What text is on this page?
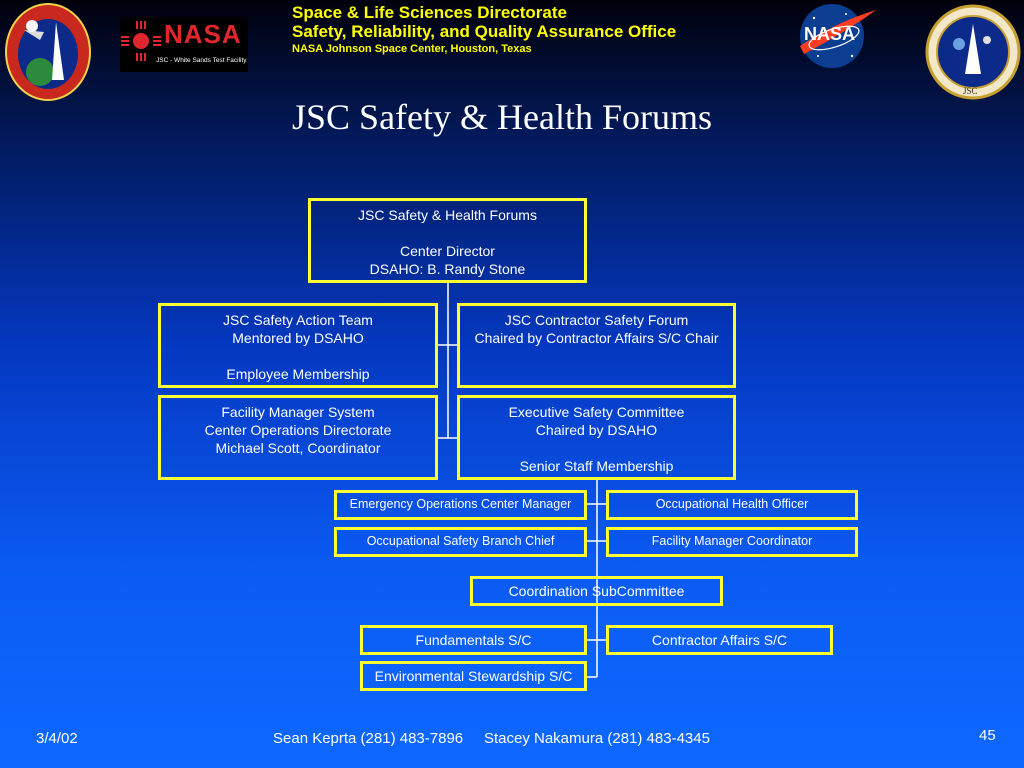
NASA
JSC - White Sands Test Facility
NASA
JSC
Space & Life Sciences Directorate
Safety, Reliability, and Quality Assurance Office
NASA Johnson Space Center, Houston, Texas
JSC Safety & Health Forums
JSC Safety & Health Forums
Center Director
DSAHO: B. Randy Stone
JSC Safety Action Team
Mentored by DSAHO
Employee Membership
JSC Contractor Safety Forum
Chaired by Contractor Affairs S/C Chair
Facility Manager System
Center Operations Directorate
Michael Scott, Coordinator
Executive Safety Committee
Chaired by DSAHO
Senior Staff Membership
Emergency Operations Center Manager	Occupational Health Officer
Occupational Safety Branch Chief	Facility Manager Coordinator
Coordination SubCommittee
Fundamentals S/C	Contractor Affairs S/C
Environmental Stewardship S/C
3/4/02	Sean Keprta (281) 483-7896     Stacey Nakamura (281) 483-4345	45
